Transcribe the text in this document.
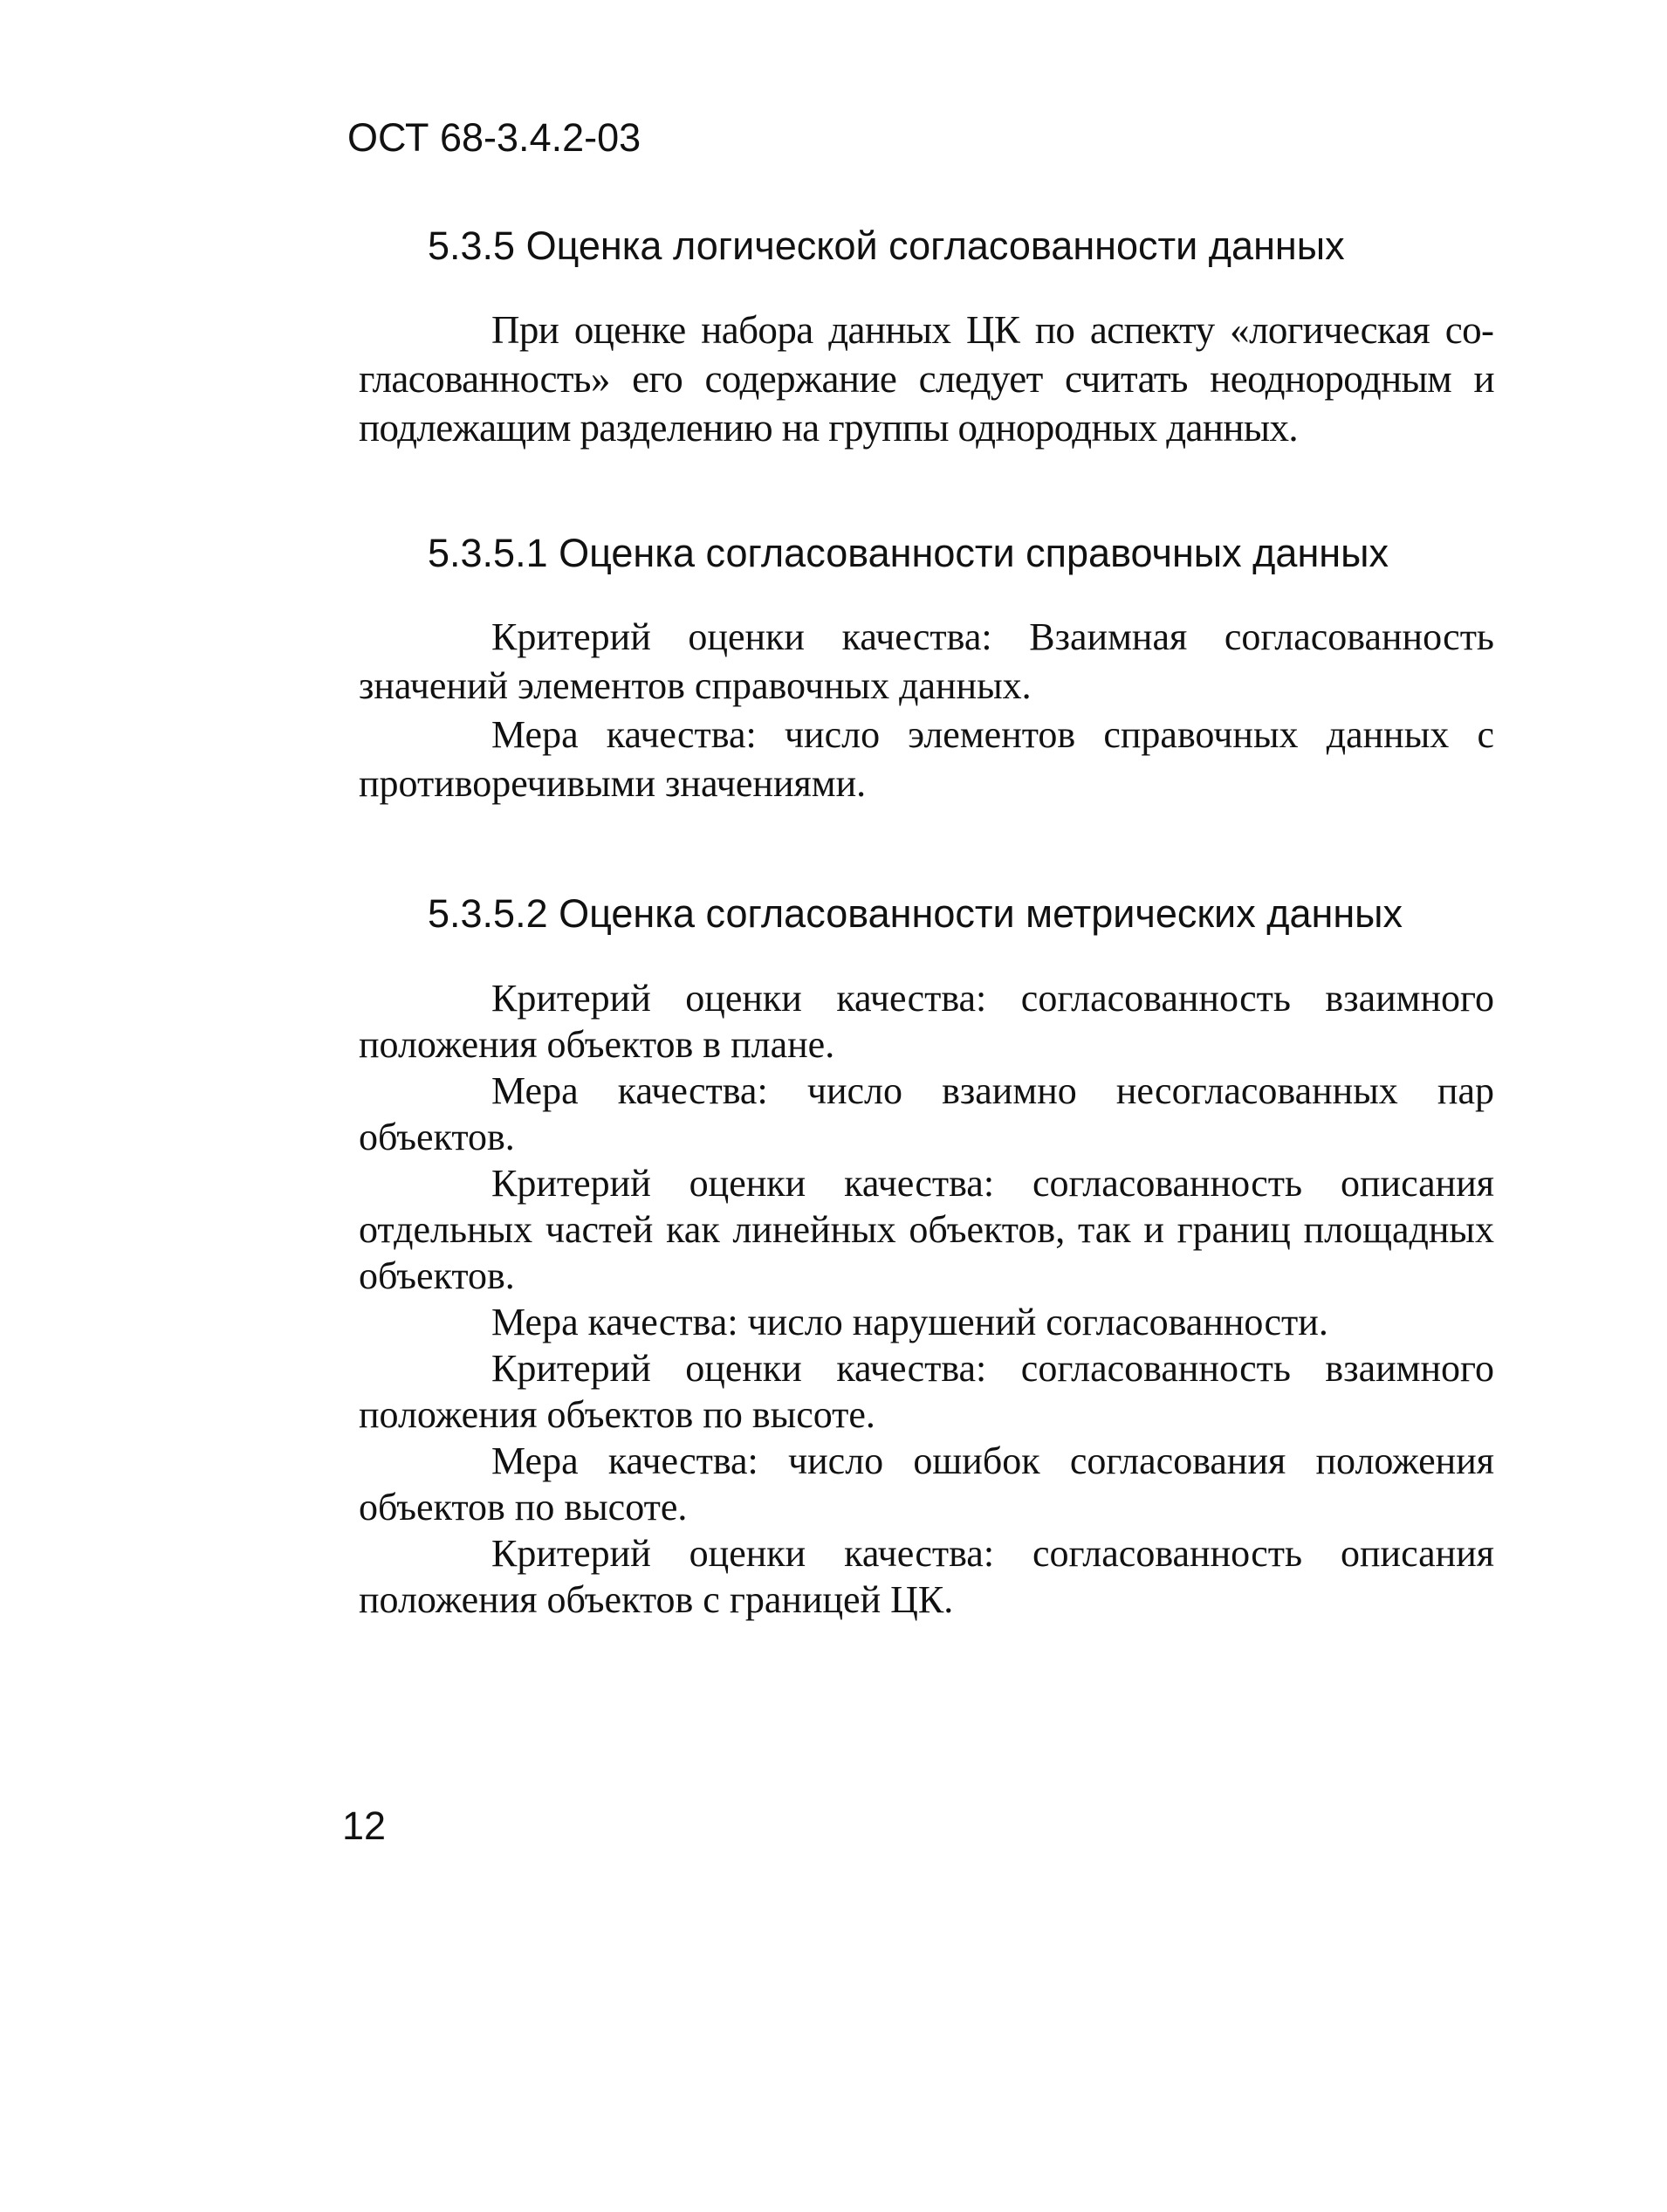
ОСТ 68-3.4.2-03
5.3.5 Оценка логической согласованности данных

При оценке набора данных ЦК по аспекту «логическая согласованность» его содержание следует считать неоднородным и подлежащим разделению на группы однородных данных.

5.3.5.1 Оценка согласованности справочных данных

Критерий оценки качества: Взаимная согласованность значений элементов справочных данных.

Мера качества: число элементов справочных данных с противоречивыми значениями.

5.3.5.2 Оценка согласованности метрических данных

Критерий оценки качества: согласованность взаимного положения объектов в плане.

Мера качества: число взаимно несогласованных пар объектов.

Критерий оценки качества: согласованность описания отдельных частей как линейных объектов, так и границ площадных объектов.

Мера качества: число нарушений согласованности.

Критерий оценки качества: согласованность взаимного положения объектов по высоте.

Мера качества: число ошибок согласования положения объектов по высоте.

Критерий оценки качества: согласованность описания положения объектов с границей ЦК.

12
